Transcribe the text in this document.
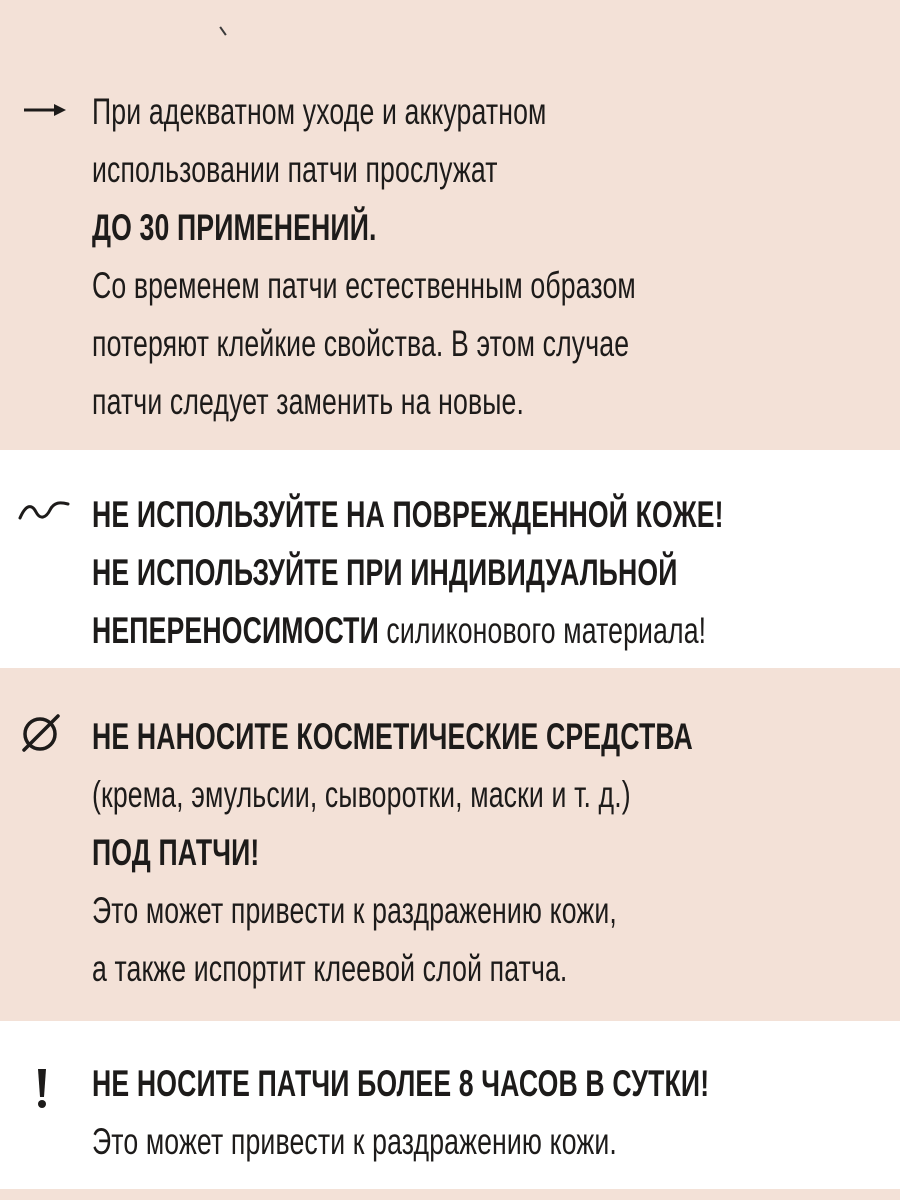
При адекватном уходе и аккуратном
использовании патчи прослужат
ДО 30 ПРИМЕНЕНИЙ.
Со временем патчи естественным образом
потеряют клейкие свойства. В этом случае
патчи следует заменить на новые.
НЕ ИСПОЛЬЗУЙТЕ НА ПОВРЕЖДЕННОЙ КОЖЕ!
НЕ ИСПОЛЬЗУЙТЕ ПРИ ИНДИВИДУАЛЬНОЙ
НЕПЕРЕНОСИМОСТИ силиконового материала!
НЕ НАНОСИТЕ КОСМЕТИЧЕСКИЕ СРЕДСТВА
(крема, эмульсии, сыворотки, маски и т. д.)
ПОД ПАТЧИ!
Это может привести к раздражению кожи,
а также испортит клеевой слой патча.
НЕ НОСИТЕ ПАТЧИ БОЛЕЕ 8 ЧАСОВ В СУТКИ!
Это может привести к раздражению кожи.
